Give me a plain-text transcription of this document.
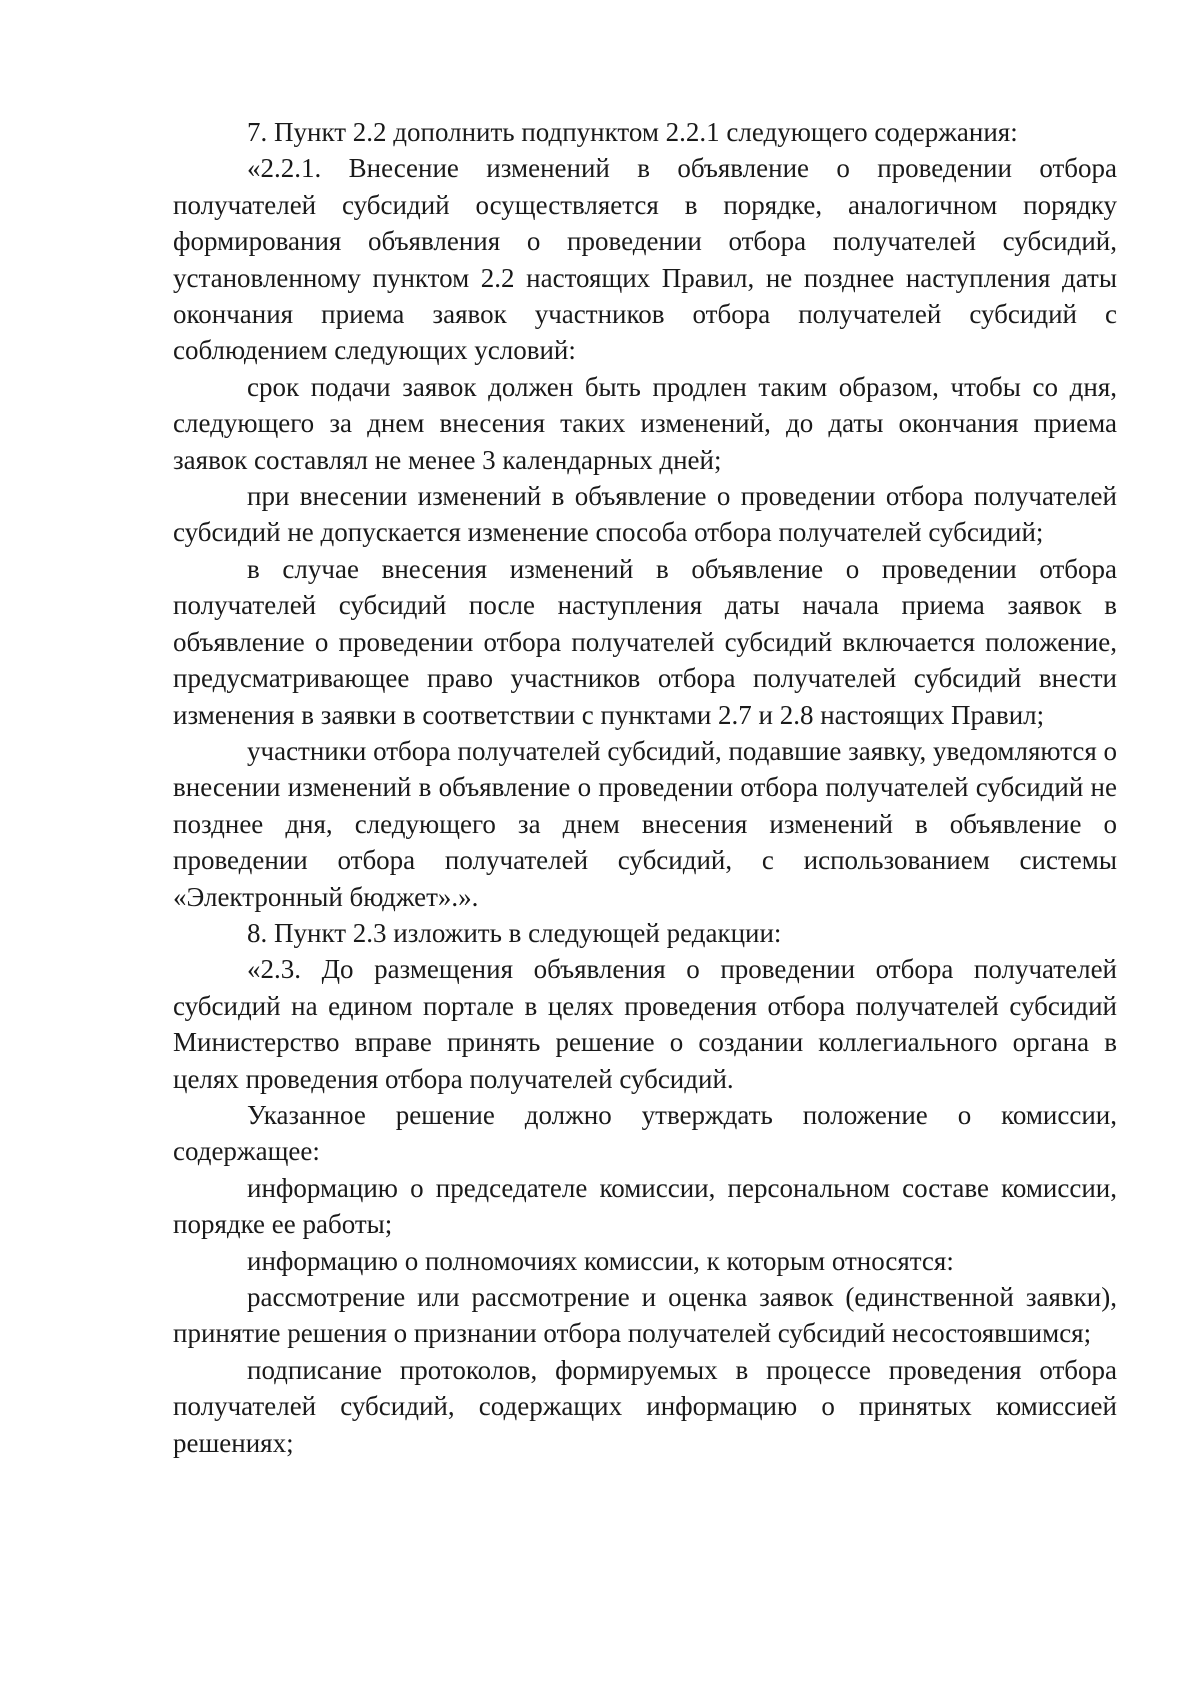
7. Пункт 2.2 дополнить подпунктом 2.2.1 следующего содержания:

«2.2.1. Внесение изменений в объявление о проведении отбора получателей субсидий осуществляется в порядке, аналогичном порядку формирования объявления о проведении отбора получателей субсидий, установленному пунктом 2.2 настоящих Правил, не позднее наступления даты окончания приема заявок участников отбора получателей субсидий с соблюдением следующих условий:

срок подачи заявок должен быть продлен таким образом, чтобы со дня, следующего за днем внесения таких изменений, до даты окончания приема заявок составлял не менее 3 календарных дней;

при внесении изменений в объявление о проведении отбора получателей субсидий не допускается изменение способа отбора получателей субсидий;

в случае внесения изменений в объявление о проведении отбора получателей субсидий после наступления даты начала приема заявок в объявление о проведении отбора получателей субсидий включается положение, предусматривающее право участников отбора получателей субсидий внести изменения в заявки в соответствии с пунктами 2.7 и 2.8 настоящих Правил;

участники отбора получателей субсидий, подавшие заявку, уведомляются о внесении изменений в объявление о проведении отбора получателей субсидий не позднее дня, следующего за днем внесения изменений в объявление о проведении отбора получателей субсидий, с использованием системы «Электронный бюджет».».

8. Пункт 2.3 изложить в следующей редакции:

«2.3. До размещения объявления о проведении отбора получателей субсидий на едином портале в целях проведения отбора получателей субсидий Министерство вправе принять решение о создании коллегиального органа в целях проведения отбора получателей субсидий.

Указанное решение должно утверждать положение о комиссии, содержащее:

информацию о председателе комиссии, персональном составе комиссии, порядке ее работы;

информацию о полномочиях комиссии, к которым относятся:

рассмотрение или рассмотрение и оценка заявок (единственной заявки), принятие решения о признании отбора получателей субсидий несостоявшимся;

подписание протоколов, формируемых в процессе проведения отбора получателей субсидий, содержащих информацию о принятых комиссией решениях;
